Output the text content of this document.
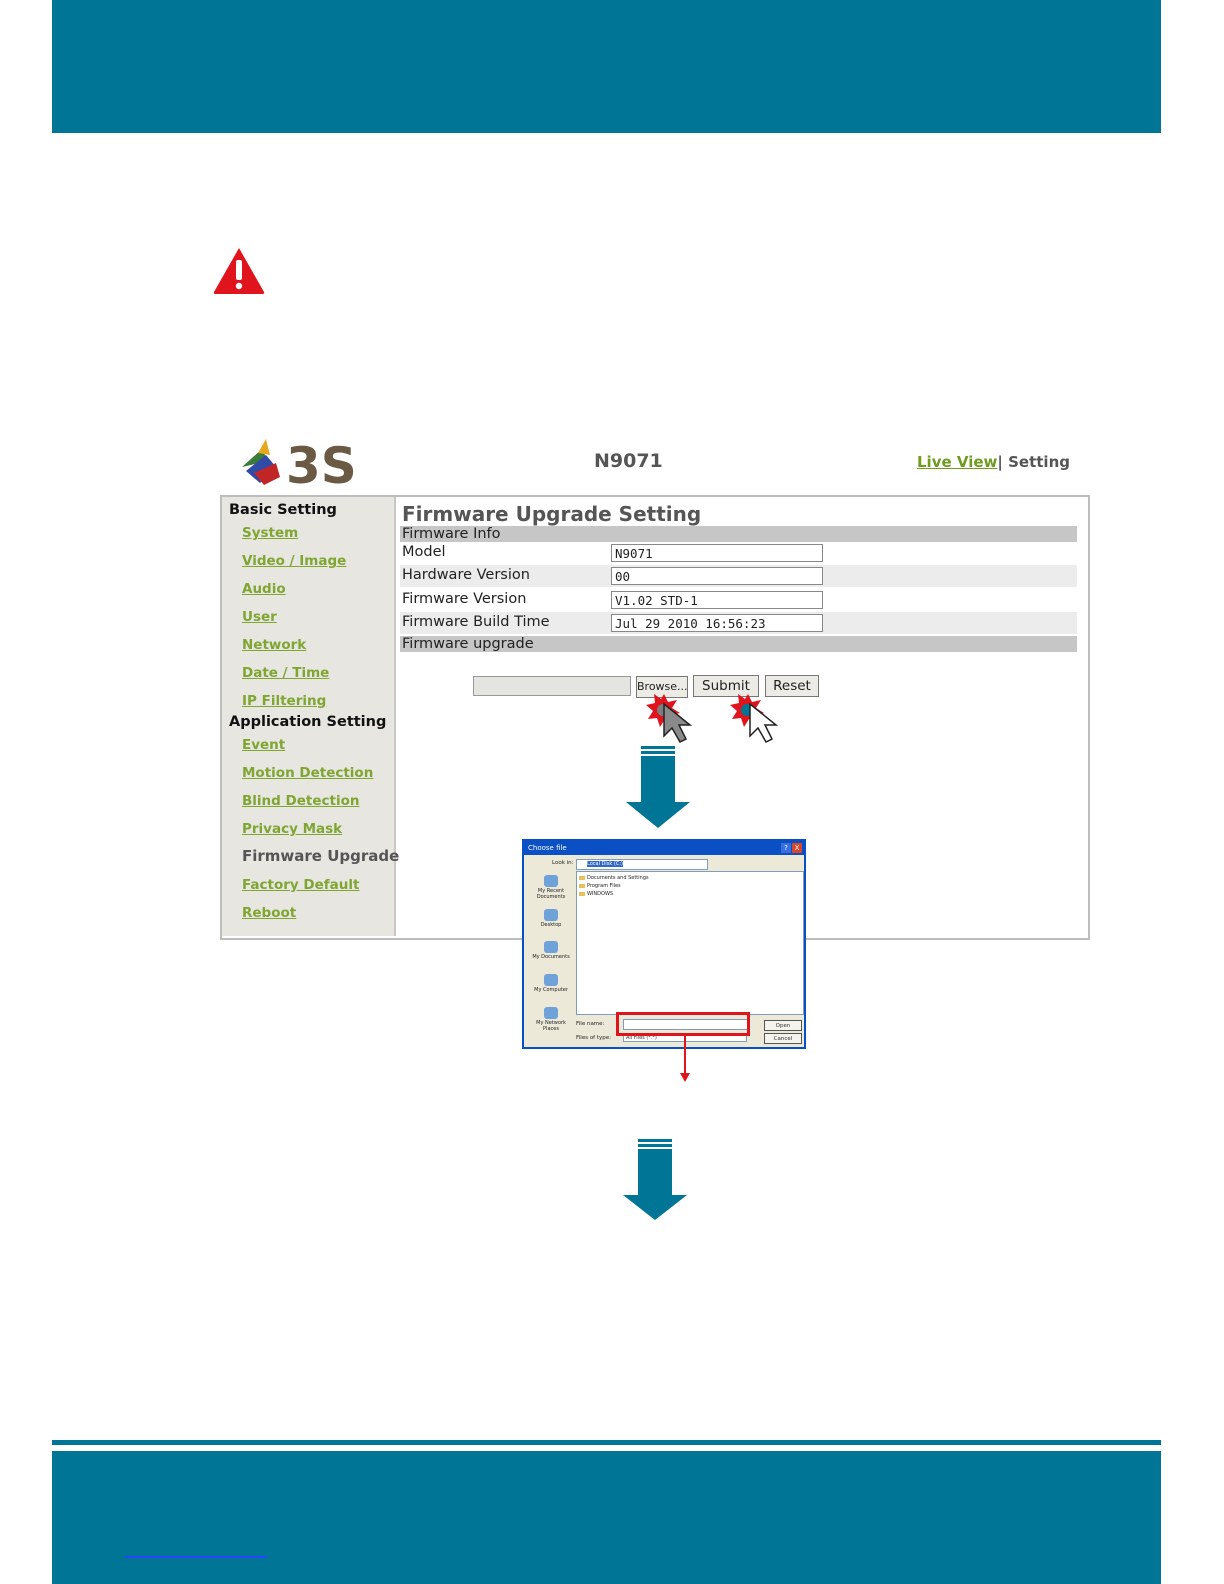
3S	N9071	Live View| Setting
Basic Setting
System
Video / Image
Audio
User
Network
Date / Time
IP Filtering
Application Setting
Event
Motion Detection
Blind Detection
Privacy Mask
Firmware Upgrade
Factory Default
Reboot
Firmware Upgrade Setting
Firmware Info
Model	N9071
Hardware Version	00
Firmware Version	V1.02 STD-1
Firmware Build Time	Jul 29 2010 16:56:23
Firmware upgrade
Browse...	Submit	Reset
Choose file	? X
Look in:	Local Disk (C:)
My Recent Documents
Desktop
My Documents
My Computer
My Network Places
Documents and Settings
Program Files
WINDOWS
File name:
Files of type:	All Files (*.*)
Open
Cancel
